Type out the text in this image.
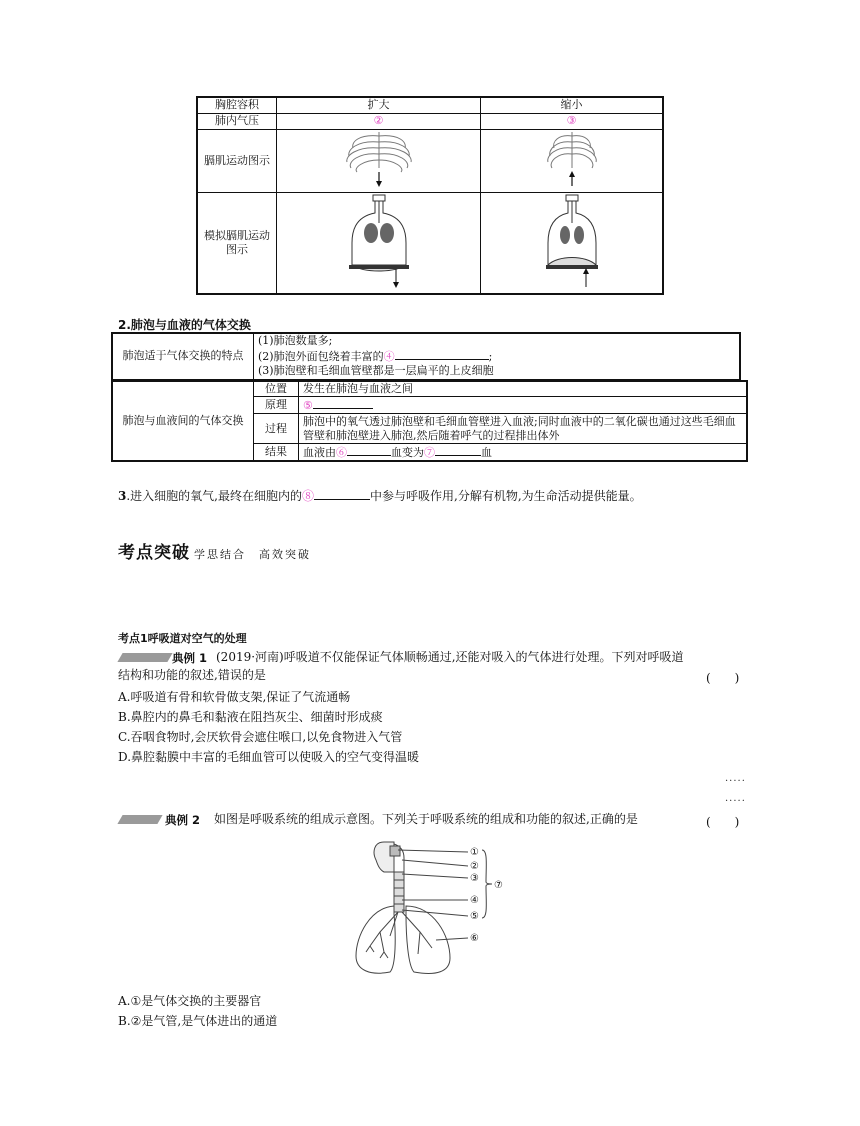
胸腔容积	扩大	缩小
肺内气压	②	③
膈肌运动图示		
模拟膈肌运动图示		
2.肺泡与血液的气体交换
肺泡适于气体交换的特点	
(1)肺泡数量多;
(2)肺泡外面包绕着丰富的④	;
(3)肺泡壁和毛细血管壁都是一层扁平的上皮细胞
肺泡与血液间的气体交换	位置	发生在肺泡与血液之间
	原理	⑤
	过程	肺泡中的氧气透过肺泡壁和毛细血管壁进入血液;同时血液中的二氧化碳也通过这些毛细血管壁和肺泡壁进入肺泡,然后随着呼气的过程排出体外
	结果	血液由⑥ 血变为⑦ 血
3.进入细胞的氧气,最终在细胞内的⑧	中参与呼吸作用,分解有机物,为生命活动提供能量。
考点突破 学思结合　高效突破
考点1呼吸道对空气的处理
典例 1 (2019·河南)呼吸道不仅能保证气体顺畅通过,还能对吸入的气体进行处理。下列对呼吸道
结构和功能的叙述,错误的是	(　　)
A.呼吸道有骨和软骨做支架,保证了气流通畅
B.鼻腔内的鼻毛和黏液在阻挡灰尘、细菌时形成痰
C.吞咽食物时,会厌软骨会遮住喉口,以免食物进入气管
D.鼻腔黏膜中丰富的毛细血管可以使吸入的空气变得温暖
·····
·····
典例 2 如图是呼吸系统的组成示意图。下列关于呼吸系统的组成和功能的叙述,正确的是	(　　)
①
②
③
④
⑤
⑥
⑦
A.①是气体交换的主要器官
B.②是气管,是气体进出的通道
